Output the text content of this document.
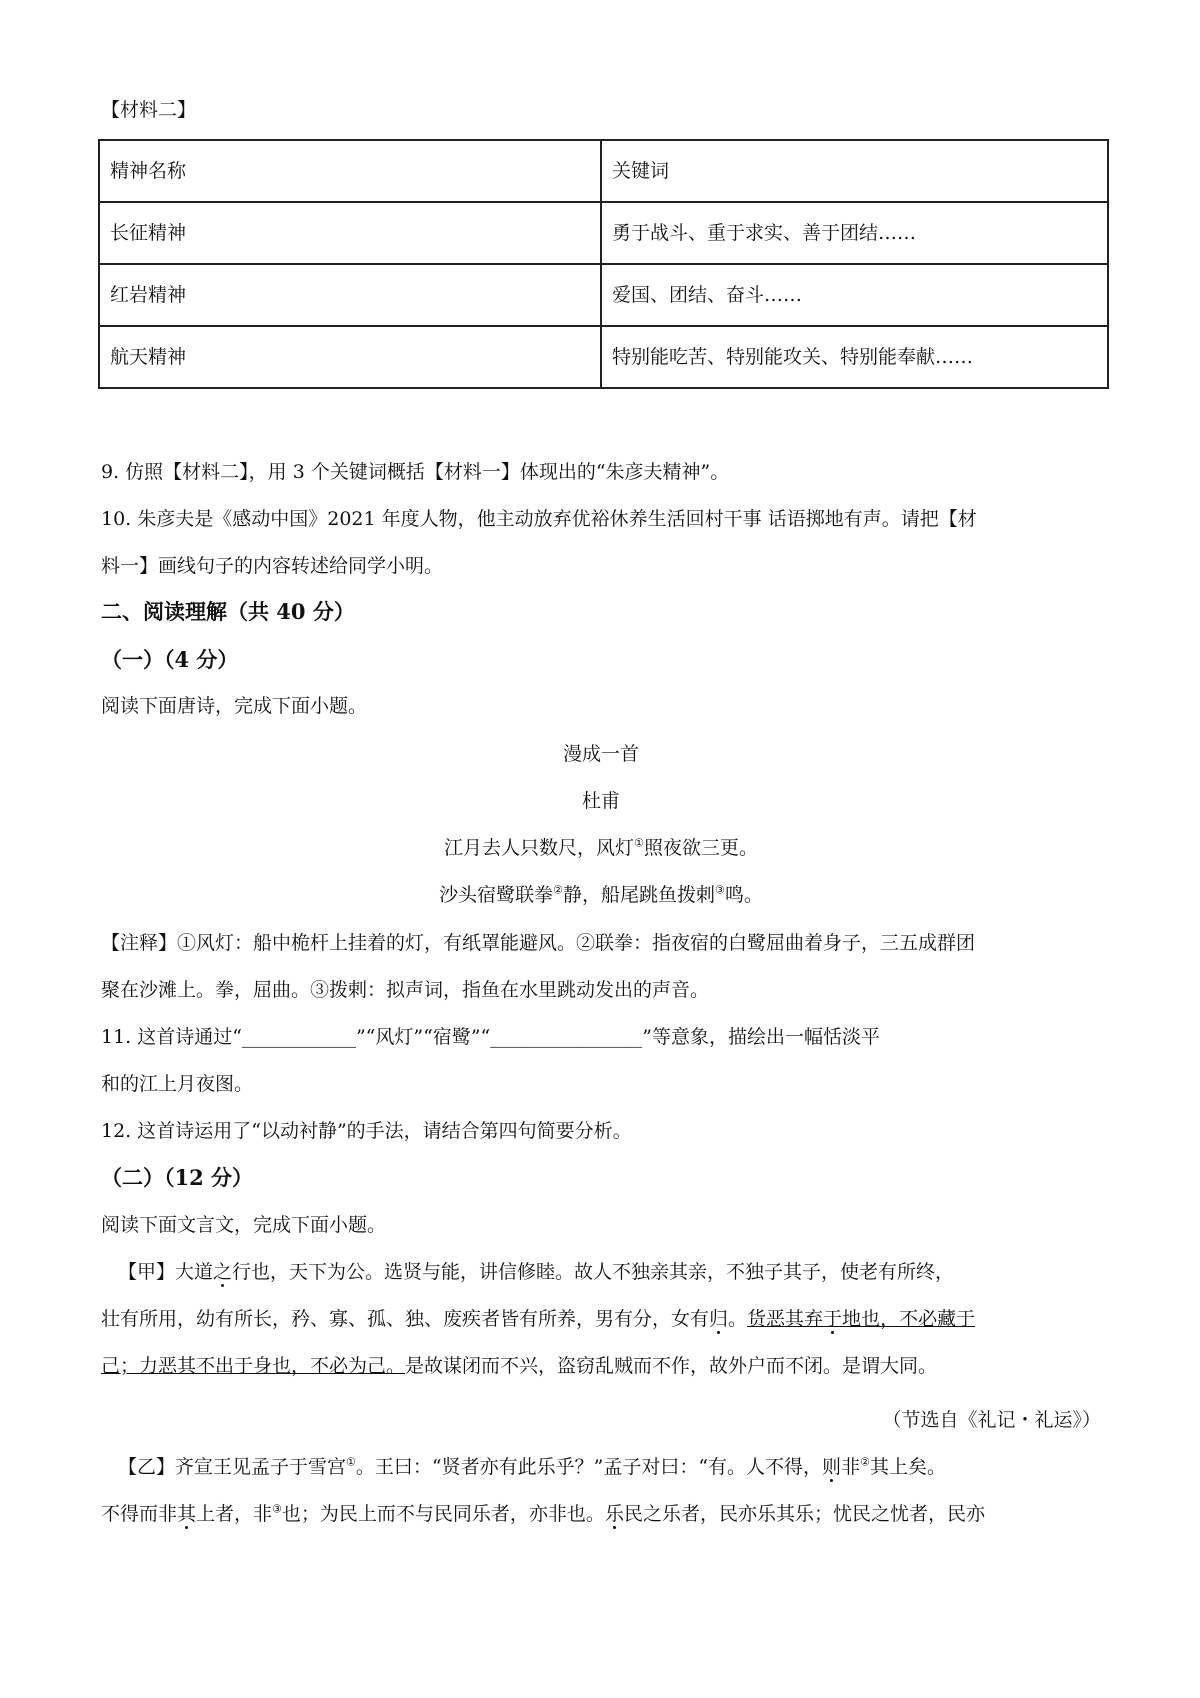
【材料二】
精神名称	关键词
长征精神	勇于战斗、重于求实、善于团结……
红岩精神	爱国、团结、奋斗……
航天精神	特别能吃苦、特别能攻关、特别能奉献……
9. 仿照【材料二】，用 3 个关键词概括【材料一】体现出的“朱彦夫精神”。
10. 朱彦夫是《感动中国》2021 年度人物，他主动放弃优裕休养生活回村干事 话语掷地有声。请把【材
料一】画线句子的内容转述给同学小明。
二、阅读理解（共 40 分）
（一）（4 分）
阅读下面唐诗，完成下面小题。
漫成一首
杜甫
江月去人只数尺，风灯①照夜欲三更。
沙头宿鹭联拳②静，船尾跳鱼拨剌③鸣。
【注释】①风灯：船中桅杆上挂着的灯，有纸罩能避风。②联拳：指夜宿的白鹭屈曲着身子，三五成群团
聚在沙滩上。拳，屈曲。③拨剌：拟声词，指鱼在水里跳动发出的声音。
11. 这首诗通过“____________”“风灯”“宿鹭”“________________”等意象，描绘出一幅恬淡平
和的江上月夜图。
12. 这首诗运用了“以动衬静”的手法，请结合第四句简要分析。
（二）（12 分）
阅读下面文言文，完成下面小题。
【甲】大道之行也，天下为公。选贤与能，讲信修睦。故人不独亲其亲，不独子其子，使老有所终，
壮有所用，幼有所长，矜、寡、孤、独、废疾者皆有所养，男有分，女有归。货恶其弃于地也，不必藏于
己；力恶其不出于身也，不必为己。是故谋闭而不兴，盗窃乱贼而不作，故外户而不闭。是谓大同。
（节选自《礼记・礼运》）
【乙】齐宣王见孟子于雪宫①。王曰：“贤者亦有此乐乎？”孟子对曰：“有。人不得，则非②其上矣。
不得而非其上者，非③也；为民上而不与民同乐者，亦非也。乐民之乐者，民亦乐其乐；忧民之忧者，民亦
